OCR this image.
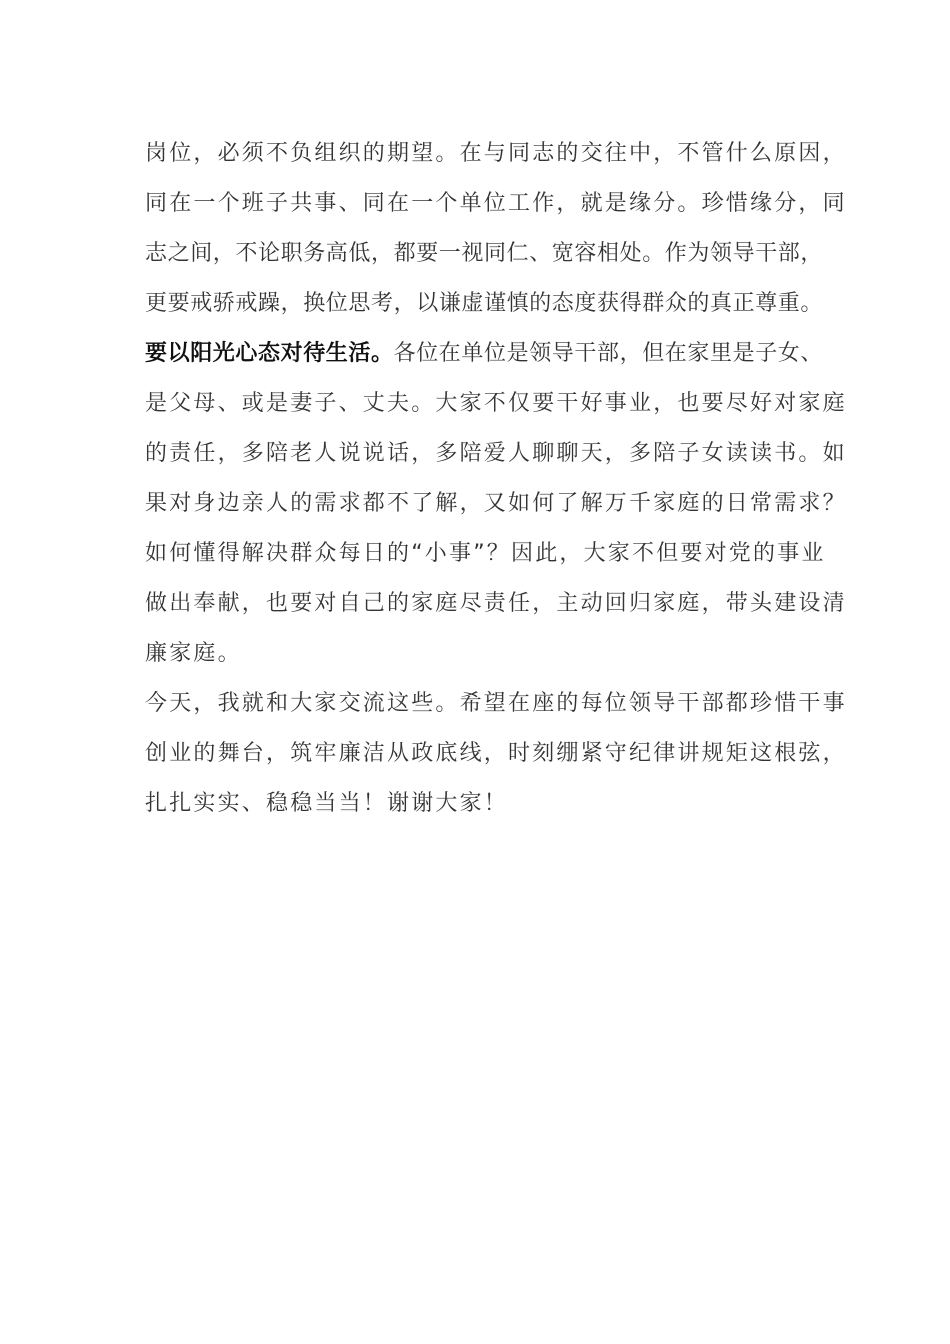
岗位，必须不负组织的期望。在与同志的交往中，不管什么原因，
同在一个班子共事、同在一个单位工作，就是缘分。珍惜缘分，同
志之间，不论职务高低，都要一视同仁、宽容相处。作为领导干部，
更要戒骄戒躁，换位思考，以谦虚谨慎的态度获得群众的真正尊重。
要以阳光心态对待生活。各位在单位是领导干部，但在家里是子女、
是父母、或是妻子、丈夫。大家不仅要干好事业，也要尽好对家庭
的责任，多陪老人说说话，多陪爱人聊聊天，多陪子女读读书。如
果对身边亲人的需求都不了解，又如何了解万千家庭的日常需求？
如何懂得解决群众每日的“小事”？因此，大家不但要对党的事业
做出奉献，也要对自己的家庭尽责任，主动回归家庭，带头建设清
廉家庭。
今天，我就和大家交流这些。希望在座的每位领导干部都珍惜干事
创业的舞台，筑牢廉洁从政底线，时刻绷紧守纪律讲规矩这根弦，
扎扎实实、稳稳当当！谢谢大家！
